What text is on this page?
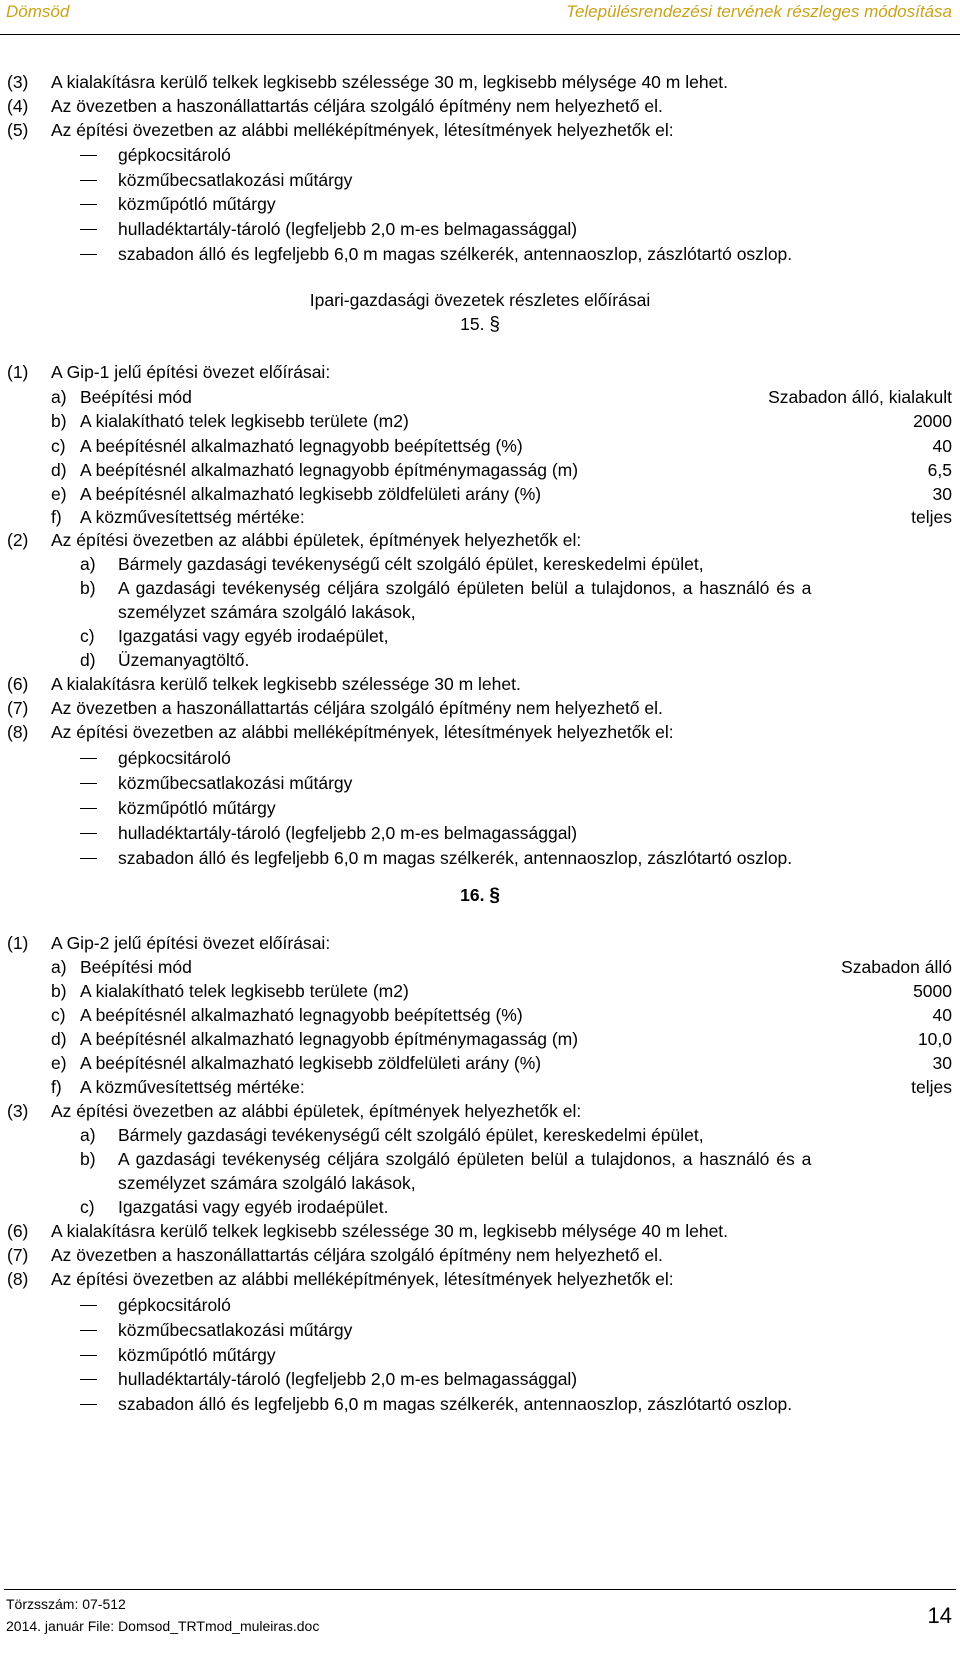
Dömsöd	Településrendezési tervének részleges módosítása
(3) A kialakításra kerülő telkek legkisebb szélessége 30 m, legkisebb mélysége 40 m lehet.
(4) Az övezetben a haszonállattartás céljára szolgáló építmény nem helyezhető el.
(5) Az építési övezetben az alábbi melléképítmények, létesítmények helyezhetők el:
gépkocsitároló
közműbecsatlakozási műtárgy
közműpótló műtárgy
hulladéktartály-tároló (legfeljebb 2,0 m-es belmagassággal)
szabadon álló és legfeljebb 6,0 m magas szélkerék, antennaoszlop, zászlótartó oszlop.
Ipari-gazdasági övezetek részletes előírásai
15. §
(1) A Gip-1 jelű építési övezet előírásai:
a) Beépítési mód	Szabadon álló, kialakult
b) A kialakítható telek legkisebb területe (m2)	2000
c) A beépítésnél alkalmazható legnagyobb beépítettség (%)	40
d) A beépítésnél alkalmazható legnagyobb építménymagasság (m)	6,5
e) A beépítésnél alkalmazható legkisebb zöldfelületi arány (%)	30
f) A közművesítettség mértéke:	teljes
(2) Az építési övezetben az alábbi épületek, építmények helyezhetők el:
a) Bármely gazdasági tevékenységű célt szolgáló épület, kereskedelmi épület,
b) A gazdasági tevékenység céljára szolgáló épületen belül a tulajdonos, a használó és a
személyzet számára szolgáló lakások,
c) Igazgatási vagy egyéb irodaépület,
d) Üzemanyagtöltő.
(6) A kialakításra kerülő telkek legkisebb szélessége 30 m lehet.
(7) Az övezetben a haszonállattartás céljára szolgáló építmény nem helyezhető el.
(8) Az építési övezetben az alábbi melléképítmények, létesítmények helyezhetők el:
gépkocsitároló
közműbecsatlakozási műtárgy
közműpótló műtárgy
hulladéktartály-tároló (legfeljebb 2,0 m-es belmagassággal)
szabadon álló és legfeljebb 6,0 m magas szélkerék, antennaoszlop, zászlótartó oszlop.
16. §
(1) A Gip-2 jelű építési övezet előírásai:
a) Beépítési mód	Szabadon álló
b) A kialakítható telek legkisebb területe (m2)	5000
c) A beépítésnél alkalmazható legnagyobb beépítettség (%)	40
d) A beépítésnél alkalmazható legnagyobb építménymagasság (m)	10,0
e) A beépítésnél alkalmazható legkisebb zöldfelületi arány (%)	30
f) A közművesítettség mértéke:	teljes
(3) Az építési övezetben az alábbi épületek, építmények helyezhetők el:
a) Bármely gazdasági tevékenységű célt szolgáló épület, kereskedelmi épület,
b) A gazdasági tevékenység céljára szolgáló épületen belül a tulajdonos, a használó és a
személyzet számára szolgáló lakások,
c) Igazgatási vagy egyéb irodaépület.
(6) A kialakításra kerülő telkek legkisebb szélessége 30 m, legkisebb mélysége 40 m lehet.
(7) Az övezetben a haszonállattartás céljára szolgáló építmény nem helyezhető el.
(8) Az építési övezetben az alábbi melléképítmények, létesítmények helyezhetők el:
gépkocsitároló
közműbecsatlakozási műtárgy
közműpótló műtárgy
hulladéktartály-tároló (legfeljebb 2,0 m-es belmagassággal)
szabadon álló és legfeljebb 6,0 m magas szélkerék, antennaoszlop, zászlótartó oszlop.
Törzsszám: 07-512
2014. január File: Domsod_TRTmod_muleiras.doc	14
